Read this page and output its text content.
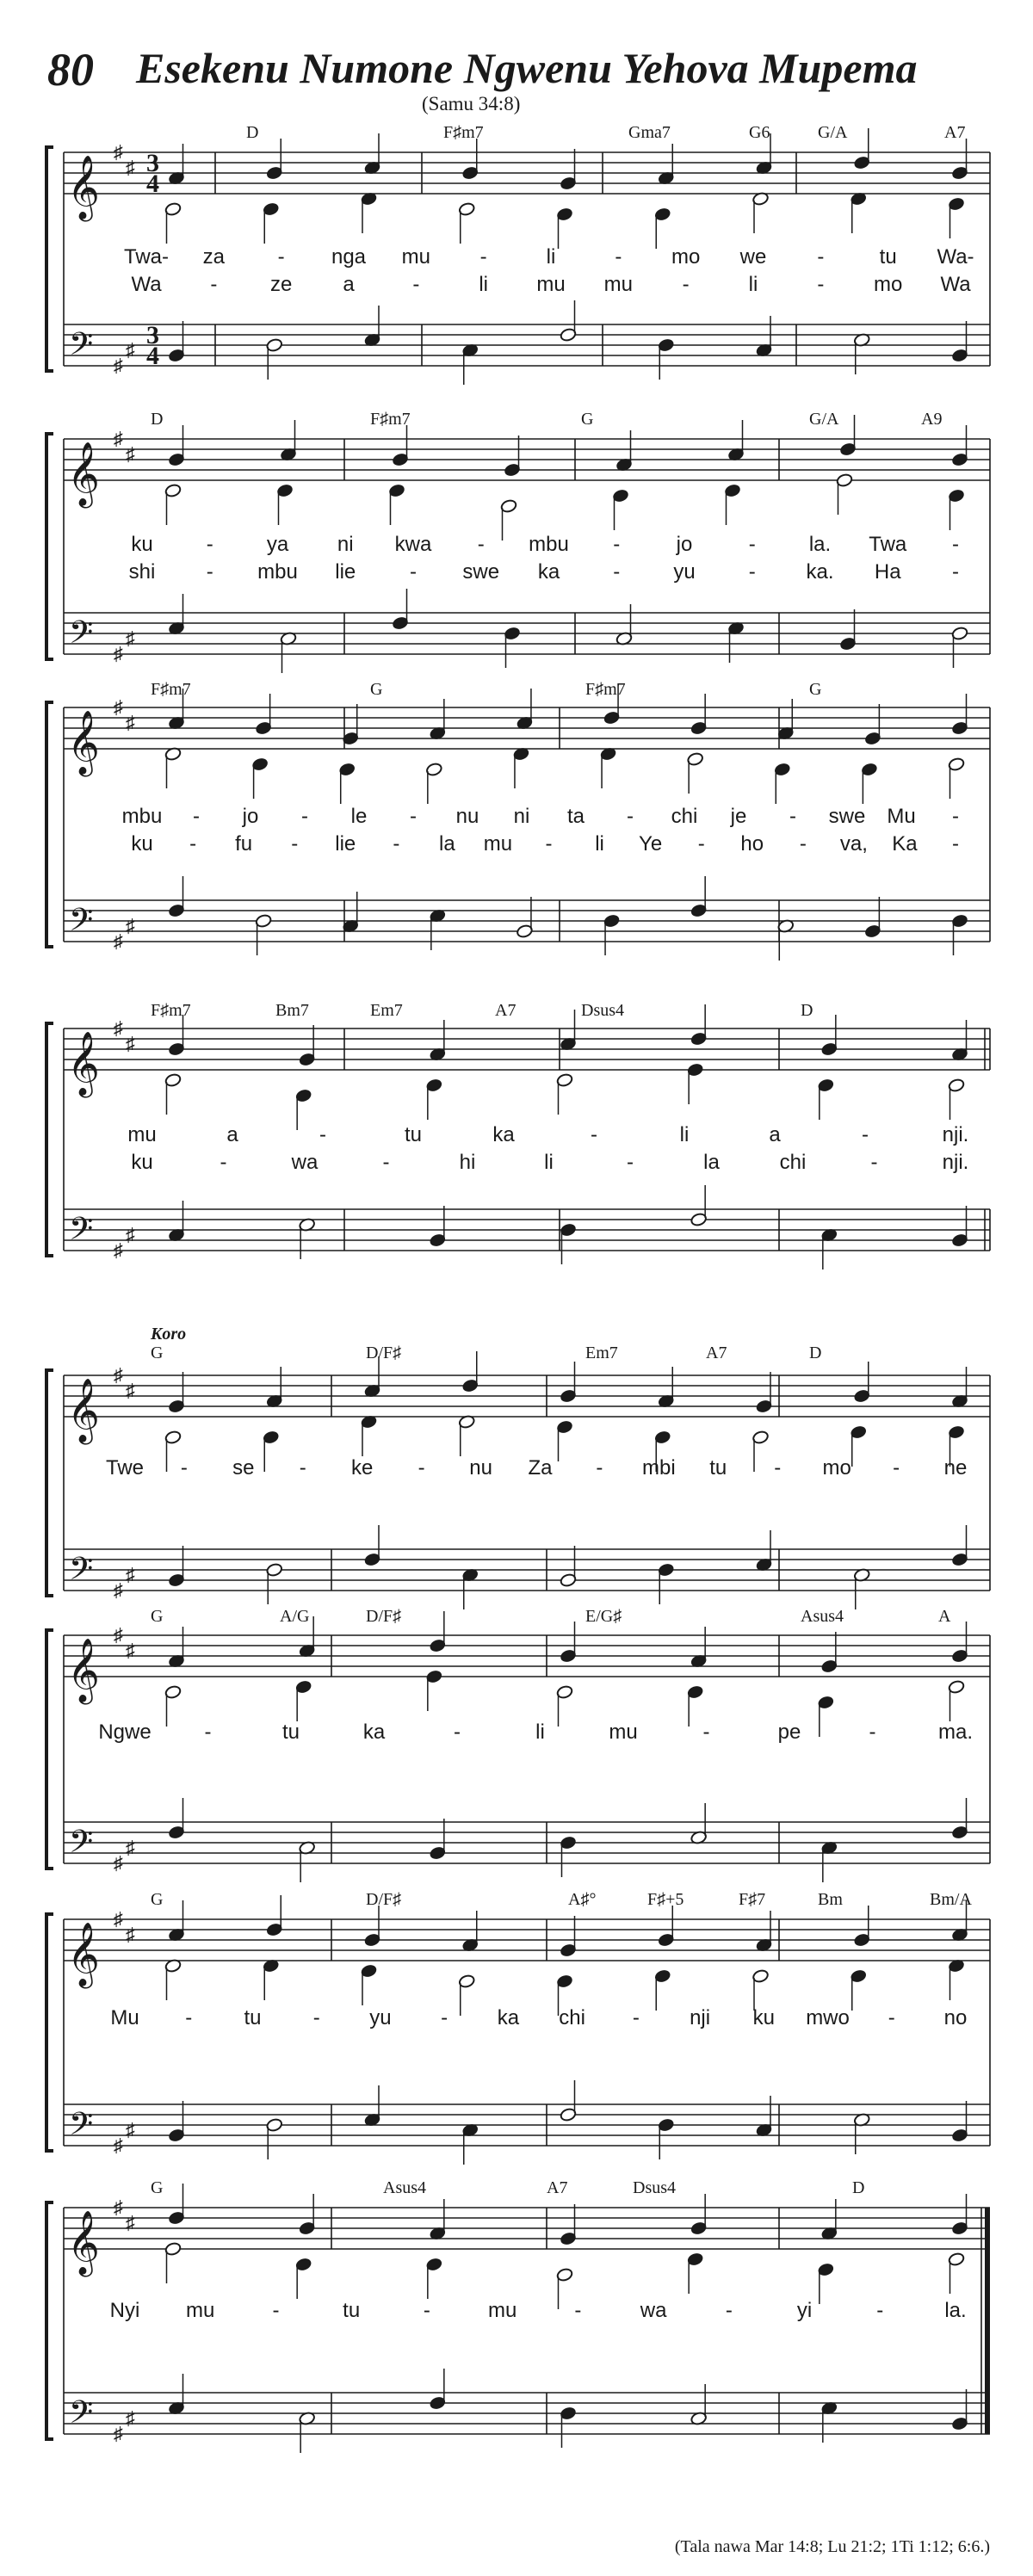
80 Esekenu Numone Ngwenu Yehova Mupema
(Samu 34:8)
𝄞
𝄢
♯
♯
♯
♯
3
4
3
4
D	F♯m7	Gma7	G6	G/A	A7
Twa- za	- nga mu -	li	- mo we -	tu Wa-
Wa -	ze a	-	li mu mu -	li	- mo Wa
𝄞
𝄢
♯
♯
♯
♯
D	F♯m7	G	G/A	A9
ku	-	ya ni kwa - mbu -	jo	-	la. Twa -
shi - mbu lie	- swe ka	-	yu	- ka. Ha -
𝄞
𝄢
♯
♯
♯
♯
F♯m7	G	F♯m7	G
mbu - jo - le - nu ni ta - chi je - swe Mu -
ku - fu - lie - la mu - li Ye - ho - va, Ka -
𝄞
𝄢
♯
♯
♯
♯
F♯m7	Bm7	Em7	A7	Dsus4	D
mu	a	-	tu	ka	-	li	a	-	nji.
ku	-	wa	-	hi	li	-	la	chi	-	nji.
𝄞
𝄢
♯
♯
♯
♯
Koro
G	D/F♯	Em7	A7	D
Twe - se - ke - nu Za - mbi tu - mo - ne
𝄞
𝄢
♯
♯
♯
♯
G	A/G	D/F♯	E/G♯	Asus4	A
Ngwe	-	tu	ka	-	li	mu	-	pe	-	ma.
𝄞
𝄢
♯
♯
♯
♯
G	D/F♯	A♯°	F♯+5	F♯7	Bm	Bm/A
Mu -	tu	- yu - ka chi - nji ku mwo - no
𝄞
𝄢
♯
♯
♯
♯
G	Asus4	A7	Dsus4	D
Nyi mu	-	tu	-	mu	-	wa	-	yi	-	la.
(Tala nawa Mar 14:8; Lu 21:2; 1Ti 1:12; 6:6.)
